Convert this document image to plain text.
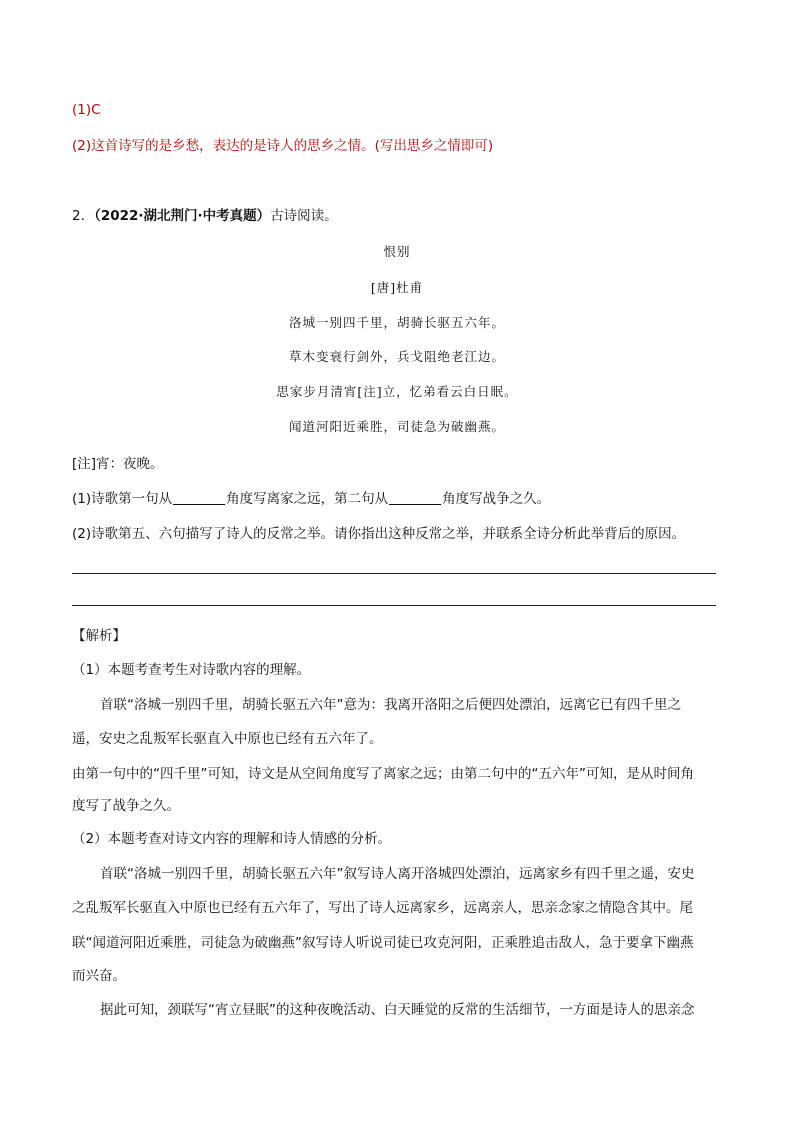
(1)C
(2)这首诗写的是乡愁，表达的是诗人的思乡之情。(写出思乡之情即可)
2．（2022·湖北荆门·中考真题）古诗阅读。
恨别
[唐]杜甫
洛城一别四千里，胡骑长驱五六年。
草木变衰行剑外，兵戈阻绝老江边。
思家步月清宵[注]立，忆弟看云白日眠。
闻道河阳近乘胜，司徒急为破幽燕。
[注]宵：夜晚。
(1)诗歌第一句从	角度写离家之远，第二句从	角度写战争之久。
(2)诗歌第五、六句描写了诗人的反常之举。请你指出这种反常之举，并联系全诗分析此举背后的原因。
【解析】
（1）本题考查考生对诗歌内容的理解。
首联“洛城一别四千里，胡骑长驱五六年”意为：我离开洛阳之后便四处漂泊，远离它已有四千里之
遥，安史之乱叛军长驱直入中原也已经有五六年了。
由第一句中的“四千里”可知，诗文是从空间角度写了离家之远；由第二句中的“五六年”可知，是从时间角
度写了战争之久。
（2）本题考查对诗文内容的理解和诗人情感的分析。
首联“洛城一别四千里，胡骑长驱五六年”叙写诗人离开洛城四处漂泊，远离家乡有四千里之遥，安史
之乱叛军长驱直入中原也已经有五六年了，写出了诗人远离家乡，远离亲人，思亲念家之情隐含其中。尾
联“闻道河阳近乘胜，司徒急为破幽燕”叙写诗人听说司徒已攻克河阳，正乘胜追击敌人，急于要拿下幽燕
而兴奋。
据此可知，颈联写“宵立昼眠”的这种夜晚活动、白天睡觉的反常的生活细节，一方面是诗人的思亲念
